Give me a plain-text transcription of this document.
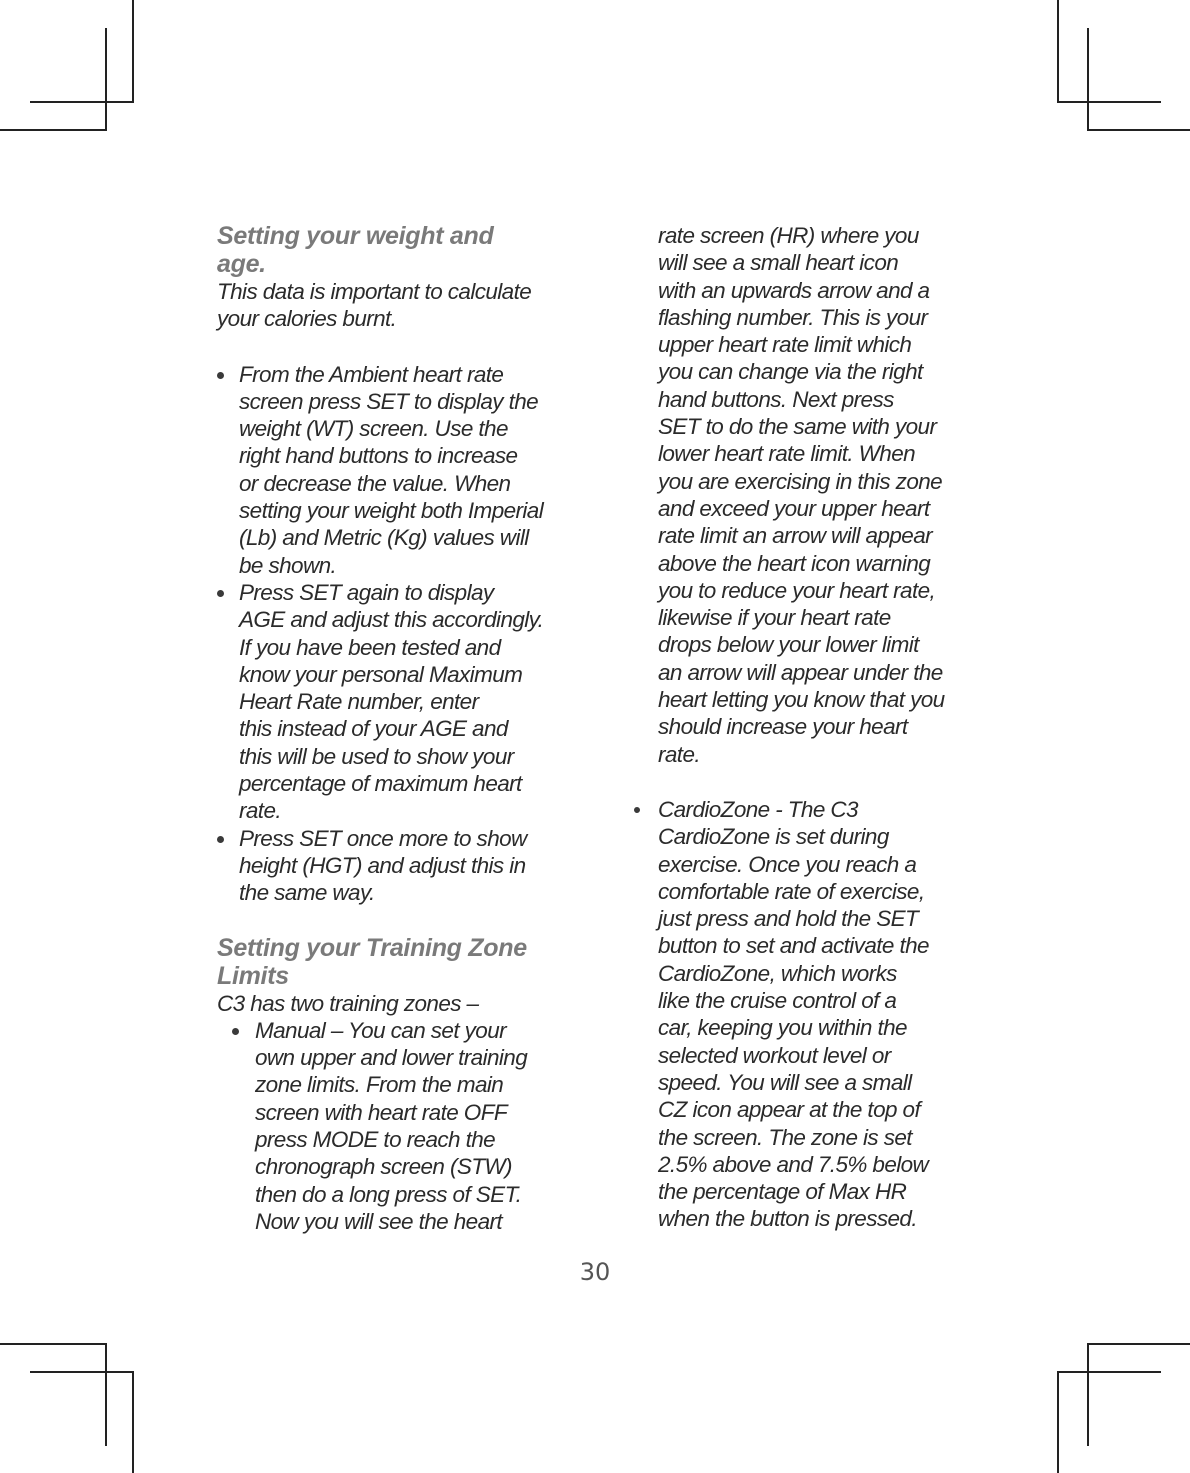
Setting your weight and
age.

This data is important to calculate
your calories burnt.

From the Ambient heart rate
screen press SET to display the
weight (WT) screen. Use the
right hand buttons to increase
or decrease the value. When
setting your weight both Imperial
(Lb) and Metric (Kg) values will
be shown.
Press SET again to display
AGE and adjust this accordingly.
If you have been tested and
know your personal Maximum
Heart Rate number, enter
this instead of your AGE and
this will be used to show your
percentage of maximum heart
rate.
Press SET once more to show
height (HGT) and adjust this in
the same way.
Setting your Training Zone
Limits

C3 has two training zones –

Manual – You can set your
own upper and lower training
zone limits. From the main
screen with heart rate OFF
press MODE to reach the
chronograph screen (STW)
then do a long press of SET.
Now you will see the heart

rate screen (HR) where you
will see a small heart icon
with an upwards arrow and a
flashing number. This is your
upper heart rate limit which
you can change via the right
hand buttons. Next press
SET to do the same with your
lower heart rate limit. When
you are exercising in this zone
and exceed your upper heart
rate limit an arrow will appear
above the heart icon warning
you to reduce your heart rate,
likewise if your heart rate
drops below your lower limit
an arrow will appear under the
heart letting you know that you
should increase your heart
rate.

CardioZone - The C3
CardioZone is set during
exercise. Once you reach a
comfortable rate of exercise,
just press and hold the SET
button to set and activate the
CardioZone, which works
like the cruise control of a
car, keeping you within the
selected workout level or
speed. You will see a small
CZ icon appear at the top of
the screen. The zone is set
2.5% above and 7.5% below
the percentage of Max HR
when the button is pressed.
30
